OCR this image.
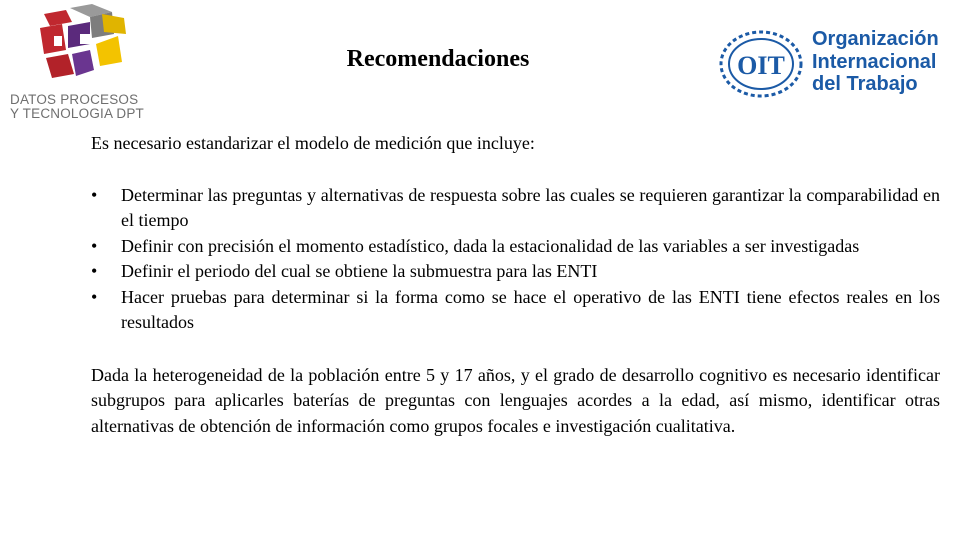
DATOS PROCESOS
Y TECNOLOGIA DPT
Recomendaciones	OIT
Organización
Internacional
del Trabajo

Es necesario estandarizar el modelo de medición que incluye:

• Determinar las preguntas y alternativas de respuesta sobre las cuales se requieren garantizar la comparabilidad en el tiempo
• Definir con precisión el momento estadístico, dada la estacionalidad de las variables a ser investigadas
• Definir el periodo del cual se obtiene la submuestra para las ENTI
• Hacer pruebas para determinar si la forma como se hace el operativo de las ENTI tiene efectos reales en los resultados

Dada la heterogeneidad de la población entre 5 y 17 años, y el grado de desarrollo cognitivo es necesario identificar subgrupos para aplicarles baterías de preguntas con lenguajes acordes a la edad, así mismo, identificar otras alternativas de obtención de información como grupos focales e investigación cualitativa.
